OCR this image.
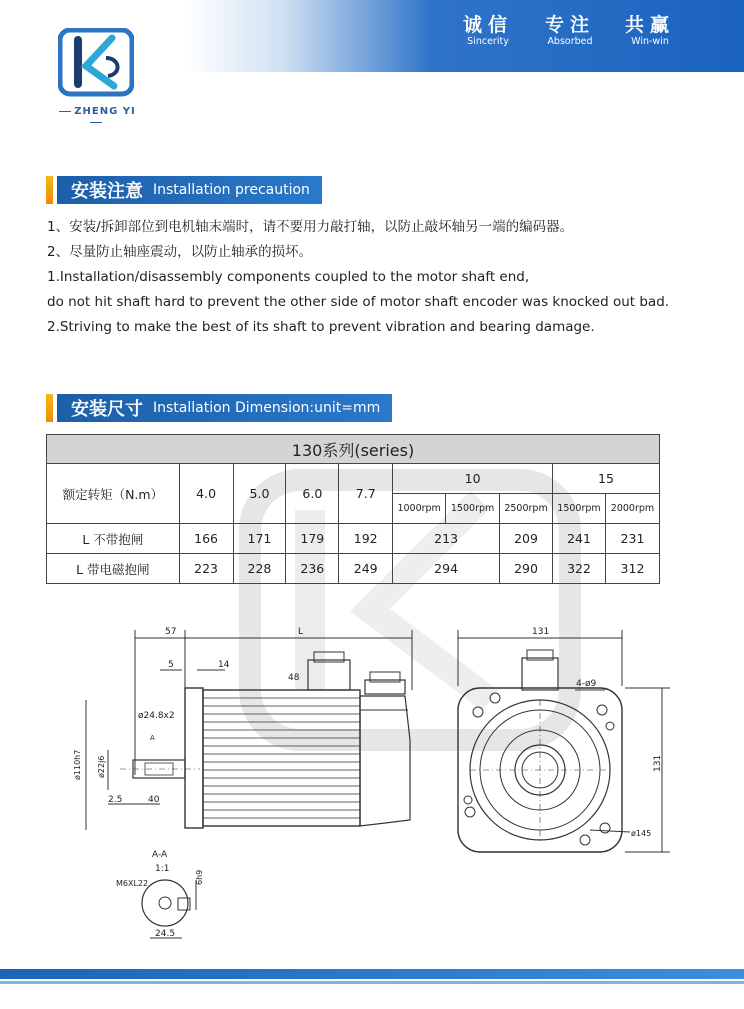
ZHENG YI
诚信
Sincerity
专注
Absorbed
共赢
Win-win
安装注意 Installation precaution
1、安装/拆卸部位到电机轴末端时，请不要用力敲打轴，以防止敲坏轴另一端的编码器。
2、尽量防止轴座震动，以防止轴承的损坏。
1.Installation/disassembly components coupled to the motor shaft end,
do not hit shaft hard to prevent the other side of motor shaft encoder was knocked out bad.
2.Striving to make the best of its shaft to prevent vibration and bearing damage.
安装尺寸 Installation Dimension:unit=mm
130系列(series)									
额定转矩（N.m）	4.0	5.0	6.0	7.7	10			15	
					1000rpm	1500rpm	2500rpm	1500rpm	2000rpm
L 不带抱闸	166	171	179	192	213		209	241	231
L 带电磁抱闸	223	228	236	249	294		290	322	312
57	L
5	14
48
ø24.8x2
A
ø110h7 ø22j6
2.5	40
A-A
1:1
M6XL22	6h9
24.5
131
4-ø9
131
ø145
